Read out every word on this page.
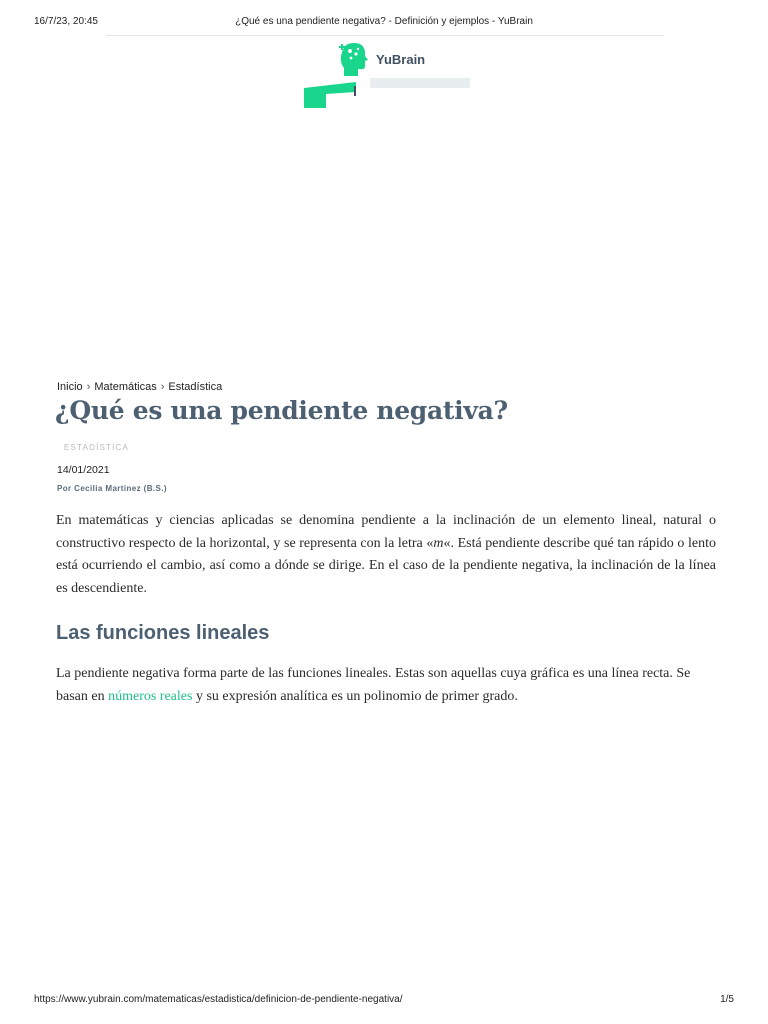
16/7/23, 20:45	¿Qué es una pendiente negativa? - Definición y ejemplos - YuBrain
YuBrain
Inicio › Matemáticas › Estadística
¿Qué es una pendiente negativa?
ESTADÍSTICA
14/01/2021
Por Cecilia Martinez (B.S.)

En matemáticas y ciencias aplicadas se denomina pendiente a la inclinación de un elemento lineal, natural o constructivo respecto de la horizontal, y se representa con la letra «m«. Está pendiente describe qué tan rápido o lento está ocurriendo el cambio, así como a dónde se dirige. En el caso de la pendiente negativa, la inclinación de la línea es descendiente.

Las funciones lineales

La pendiente negativa forma parte de las funciones lineales. Estas son aquellas cuya gráfica es una línea recta. Se basan en números reales y su expresión analítica es un polinomio de primer grado.

https://www.yubrain.com/matematicas/estadistica/definicion-de-pendiente-negativa/	1/5
